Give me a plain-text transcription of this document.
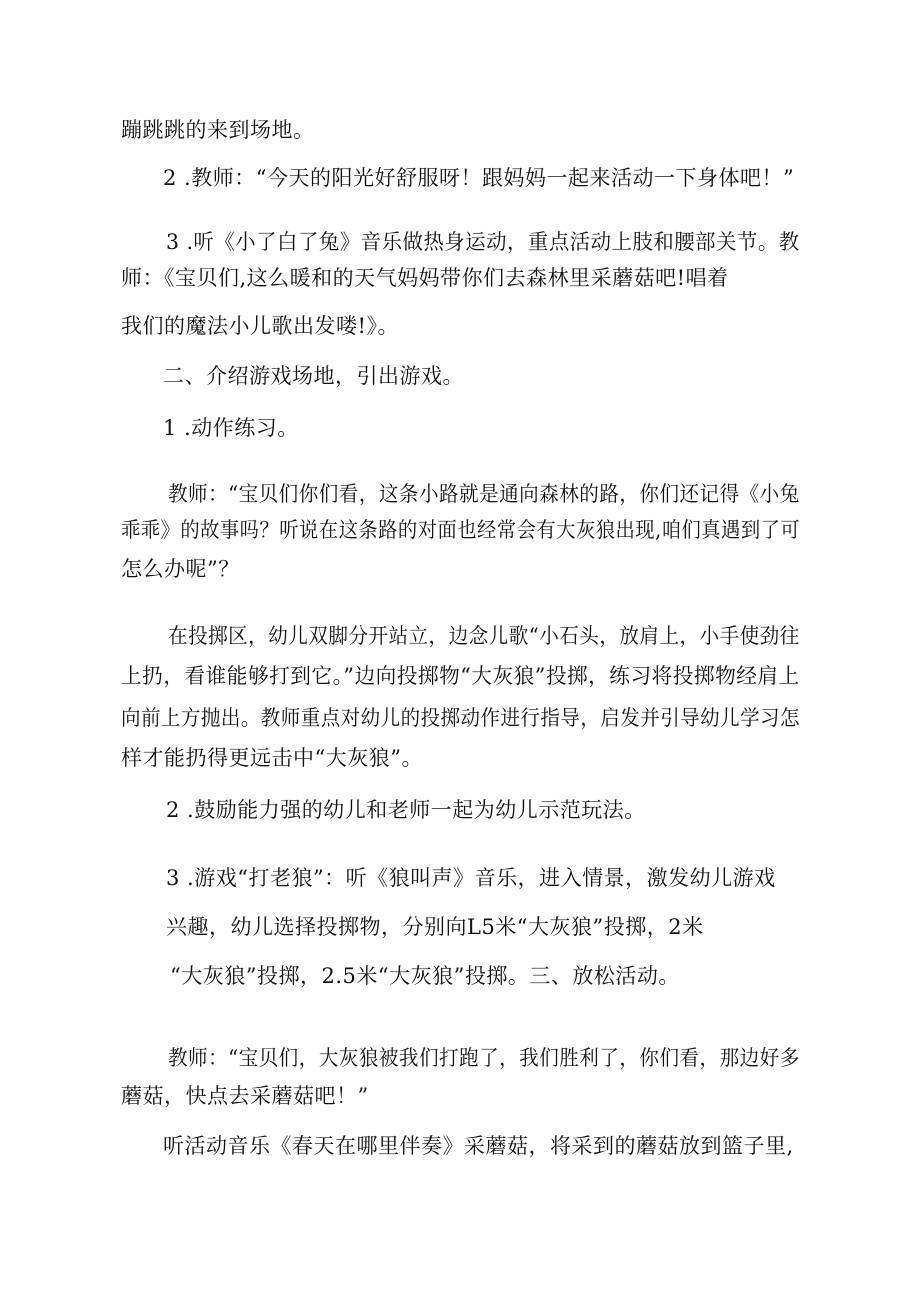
蹦跳跳的来到场地。
2 .教师：“今天的阳光好舒服呀！跟妈妈一起来活动一下身体吧！”
3 .听《小了白了兔》音乐做热身运动，重点活动上肢和腰部关节。教
师：《宝贝们,这么暖和的天气妈妈带你们去森林里采蘑菇吧!唱着
我们的魔法小儿歌出发喽!》。
二、介绍游戏场地，引出游戏。
1 .动作练习。
教师：“宝贝们你们看，这条小路就是通向森林的路，你们还记得《小兔
乖乖》的故事吗？听说在这条路的对面也经常会有大灰狼出现,咱们真遇到了可
怎么办呢”？
在投掷区，幼儿双脚分开站立，边念儿歌“小石头，放肩上，小手使劲往
上扔，看谁能够打到它。”边向投掷物“大灰狼”投掷，练习将投掷物经肩上
向前上方抛出。教师重点对幼儿的投掷动作进行指导，启发并引导幼儿学习怎
样才能扔得更远击中“大灰狼”。
2 .鼓励能力强的幼儿和老师一起为幼儿示范玩法。
3 .游戏“打老狼”：听《狼叫声》音乐，进入情景，激发幼儿游戏
兴趣，幼儿选择投掷物，分别向L5米“大灰狼”投掷，2米
“大灰狼”投掷，2.5米“大灰狼”投掷。三、放松活动。
教师：“宝贝们，大灰狼被我们打跑了，我们胜利了，你们看，那边好多
蘑菇，快点去采蘑菇吧！”
听活动音乐《春天在哪里伴奏》采蘑菇，将采到的蘑菇放到篮子里,
